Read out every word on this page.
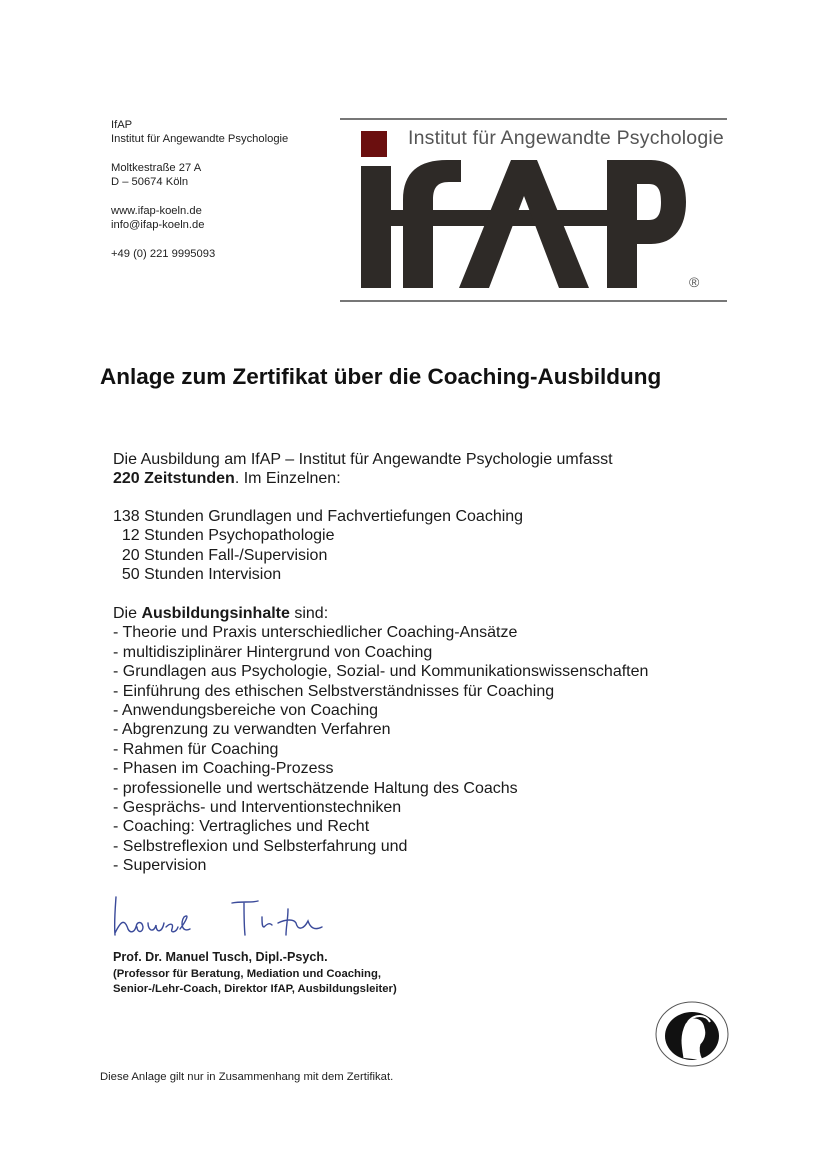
IfAP
Institut für Angewandte Psychologie
Moltkestraße 27 A
D – 50674 Köln
www.ifap-koeln.de
info@ifap-koeln.de
+49 (0) 221 9995093
Institut für Angewandte Psychologie
®
Anlage zum Zertifikat über die Coaching-Ausbildung
Die Ausbildung am IfAP – Institut für Angewandte Psychologie umfasst
220 Zeitstunden. Im Einzelnen:
138 Stunden Grundlagen und Fachvertiefungen Coaching
12 Stunden Psychopathologie
20 Stunden Fall-/Supervision
50 Stunden Intervision
Die Ausbildungsinhalte sind:
- Theorie und Praxis unterschiedlicher Coaching-Ansätze
- multidisziplinärer Hintergrund von Coaching
- Grundlagen aus Psychologie, Sozial- und Kommunikationswissenschaften
- Einführung des ethischen Selbstverständnisses für Coaching
- Anwendungsbereiche von Coaching
- Abgrenzung zu verwandten Verfahren
- Rahmen für Coaching
- Phasen im Coaching-Prozess
- professionelle und wertschätzende Haltung des Coachs
- Gesprächs- und Interventionstechniken
- Coaching: Vertragliches und Recht
- Selbstreflexion und Selbsterfahrung und
- Supervision
Prof. Dr. Manuel Tusch, Dipl.-Psych.
(Professor für Beratung, Mediation und Coaching,
Senior-/Lehr-Coach, Direktor IfAP, Ausbildungsleiter)
Diese Anlage gilt nur in Zusammenhang mit dem Zertifikat.
